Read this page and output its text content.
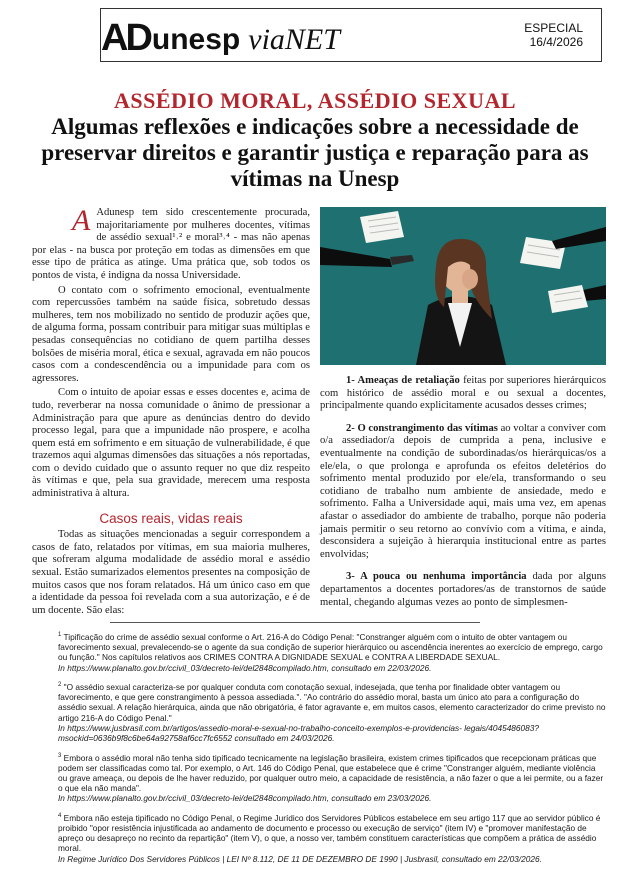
AD unesp viaNET	ESPECIAL
16/4/2026
ASSÉDIO MORAL, ASSÉDIO SEXUAL
Algumas reflexões e indicações sobre a necessidade de preservar direitos e garantir justiça e reparação para as vítimas na Unesp

A Adunesp tem sido crescentemente procurada, majoritariamente por mulheres docentes, vítimas de assédio sexual¹˒² e moral³˒⁴ - mas não apenas por elas - na busca por proteção em todas as dimensões em que esse tipo de prática as atinge. Uma prática que, sob todos os pontos de vista, é indigna da nossa Universidade.

O contato com o sofrimento emocional, eventualmente com repercussões também na saúde física, sobretudo dessas mulheres, tem nos mobilizado no sentido de produzir ações que, de alguma forma, possam contribuir para mitigar suas múltiplas e pesadas consequências no cotidiano de quem partilha desses bolsões de miséria moral, ética e sexual, agravada em não poucos casos com a condescendência ou a impunidade para com os agressores.

Com o intuito de apoiar essas e esses docentes e, acima de tudo, reverberar na nossa comunidade o ânimo de pressionar a Administração para que apure as denúncias dentro do devido processo legal, para que a impunidade não prospere, e acolha quem está em sofrimento e em situação de vulnerabilidade, é que trazemos aqui algumas dimensões das situações a nós reportadas, com o devido cuidado que o assunto requer no que diz respeito às vítimas e que, pela sua gravidade, merecem uma resposta administrativa à altura.

Casos reais, vidas reais

Todas as situações mencionadas a seguir correspondem a casos de fato, relatados por vítimas, em sua maioria mulheres, que sofreram alguma modalidade de assédio moral e assédio sexual. Estão sumarizados elementos presentes na composição de muitos casos que nos foram relatados. Há um único caso em que a identidade da pessoa foi revelada com a sua autorização, e é de um docente. São elas:

1- Ameaças de retaliação feitas por superiores hierárquicos com histórico de assédio moral e ou sexual a docentes, principalmente quando explicitamente acusados desses crimes;

2- O constrangimento das vítimas ao voltar a conviver com o/a assediador/a depois de cumprida a pena, inclusive e eventualmente na condição de subordinadas/os hierárquicas/os a ele/ela, o que prolonga e aprofunda os efeitos deletérios do sofrimento mental produzido por ele/ela, transformando o seu cotidiano de trabalho num ambiente de ansiedade, medo e sofrimento. Falha a Universidade aqui, mais uma vez, em apenas afastar o assediador do ambiente de trabalho, porque não poderia jamais permitir o seu retorno ao convívio com a vítima, e ainda, desconsidera a sujeição à hierarquia institucional entre as partes envolvidas;

3- A pouca ou nenhuma importância dada por alguns departamentos a docentes portadores/as de transtornos de saúde mental, chegando algumas vezes ao ponto de simplesmen-

$^1$ Tipificação do crime de assédio sexual conforme o Art. 216-A do Código Penal: "Constranger alguém com o intuito de obter vantagem ou favorecimento sexual, prevalecendo-se o agente da sua condição de superior hierárquico ou ascendência inerentes ao exercício de emprego, cargo ou função." Nos capítulos relativos aos CRIMES CONTRA A DIGNIDADE SEXUAL e CONTRA A LIBERDADE SEXUAL.
In https://www.planalto.gov.br/ccivil_03/decreto-lei/del2848compilado.htm, consultado em 22/03/2026.
$^2$ "O assédio sexual caracteriza-se por qualquer conduta com conotação sexual, indesejada, que tenha por finalidade obter vantagem ou favorecimento, e que gere constrangimento à pessoa assediada.". "Ao contrário do assédio moral, basta um único ato para a configuração do assédio sexual. A relação hierárquica, ainda que não obrigatória, é fator agravante e, em muitos casos, elemento caracterizador do crime previsto no artigo 216-A do Código Penal."
In https://www.jusbrasil.com.br/artigos/assedio-moral-e-sexual-no-trabalho-conceito-exemplos-e-providencias- legais/4045486083?msockid=0636b9f8c6be64a92758af6cc7fc6552 consultado em 24/03/2026.
$^3$ Embora o assédio moral não tenha sido tipificado tecnicamente na legislação brasileira, existem crimes tipificados que recepcionam práticas que podem ser classificadas como tal. Por exemplo, o Art. 146 do Código Penal, que estabelece que é crime "Constranger alguém, mediante violência ou grave ameaça, ou depois de lhe haver reduzido, por qualquer outro meio, a capacidade de resistência, a não fazer o que a lei permite, ou a fazer o que ela não manda".
In https://www.planalto.gov.br/ccivil_03/decreto-lei/del2848compilado.htm, consultado em 23/03/2026.
$^4$ Embora não esteja tipificado no Código Penal, o Regime Jurídico dos Servidores Públicos estabelece em seu artigo 117 que ao servidor público é proibido "opor resistência injustificada ao andamento de documento e processo ou execução de serviço" (item IV) e "promover manifestação de apreço ou desapreço no recinto da repartição" (item V), o que, a nosso ver, também constituem características que compõem a prática de assédio moral.
In Regime Jurídico Dos Servidores Públicos | LEI Nº 8.112, DE 11 DE DEZEMBRO DE 1990 | Jusbrasil, consultado em 22/03/2026.
